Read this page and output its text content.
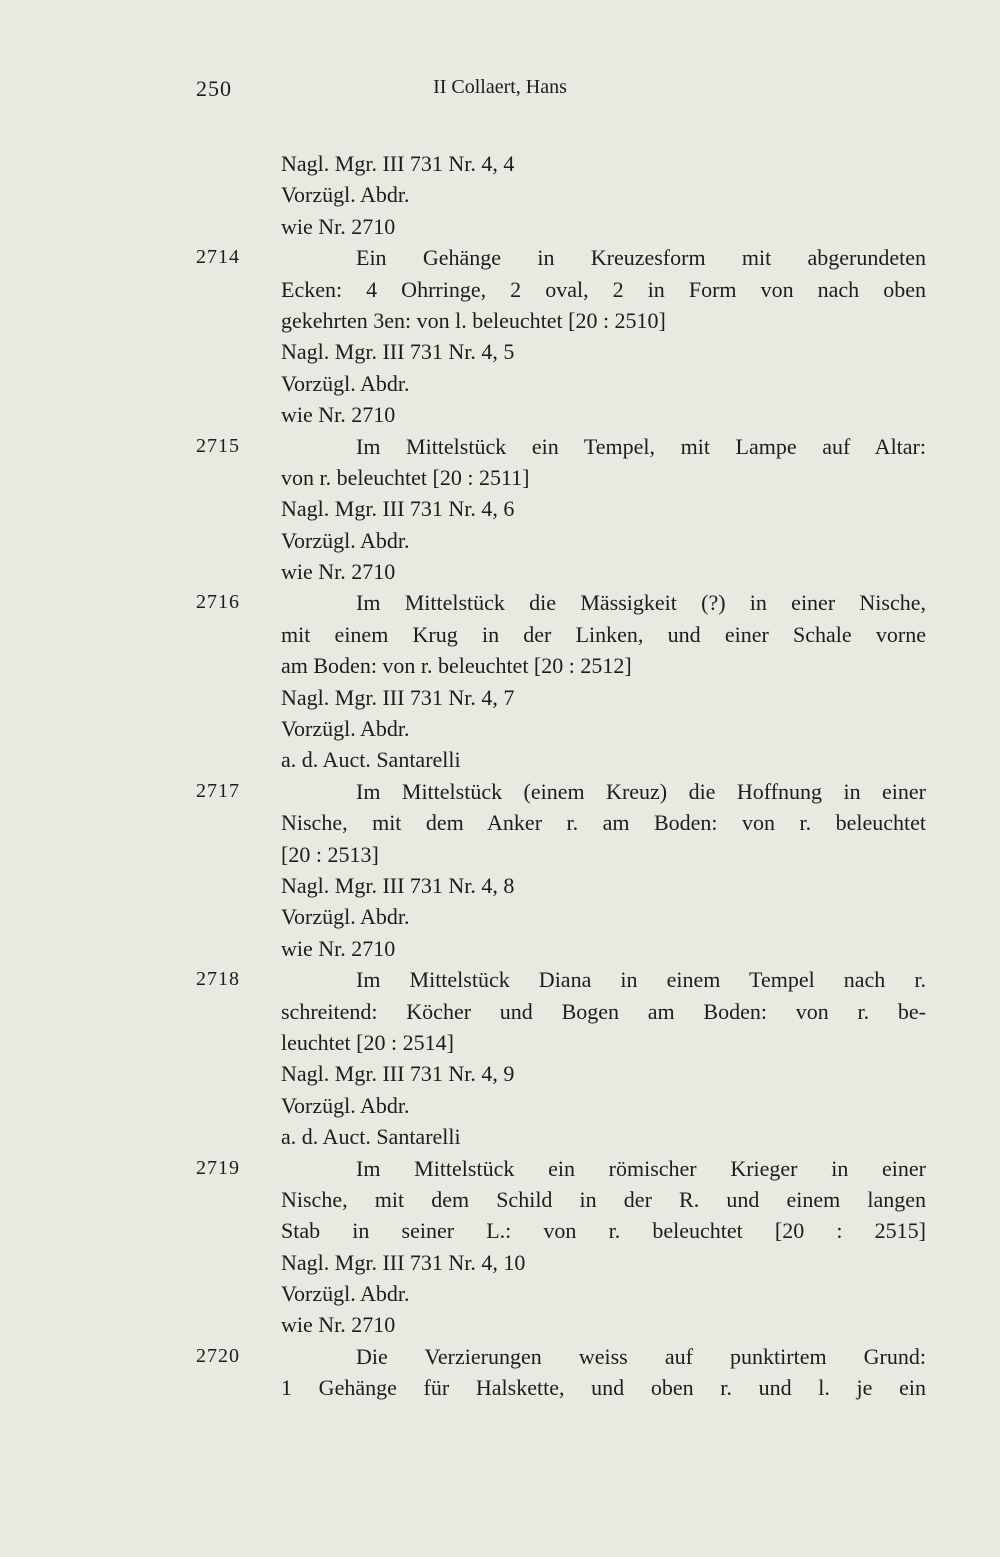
250	II Collaert, Hans
Nagl. Mgr. III 731 Nr. 4, 4
Vorzügl. Abdr.
wie Nr. 2710
2714	Ein Gehänge in Kreuzesform mit abgerundeten
Ecken: 4 Ohrringe, 2 oval, 2 in Form von nach oben
gekehrten 3en: von l. beleuchtet [20 : 2510]
Nagl. Mgr. III 731 Nr. 4, 5
Vorzügl. Abdr.
wie Nr. 2710
2715	Im Mittelstück ein Tempel, mit Lampe auf Altar:
von r. beleuchtet [20 : 2511]
Nagl. Mgr. III 731 Nr. 4, 6
Vorzügl. Abdr.
wie Nr. 2710
2716	Im Mittelstück die Mässigkeit (?) in einer Nische,
mit einem Krug in der Linken, und einer Schale vorne
am Boden: von r. beleuchtet [20 : 2512]
Nagl. Mgr. III 731 Nr. 4, 7
Vorzügl. Abdr.
a. d. Auct. Santarelli
2717	Im Mittelstück (einem Kreuz) die Hoffnung in einer
Nische, mit dem Anker r. am Boden: von r. beleuchtet
[20 : 2513]
Nagl. Mgr. III 731 Nr. 4, 8
Vorzügl. Abdr.
wie Nr. 2710
2718	Im Mittelstück Diana in einem Tempel nach r.
schreitend: Köcher und Bogen am Boden: von r. be-
leuchtet [20 : 2514]
Nagl. Mgr. III 731 Nr. 4, 9
Vorzügl. Abdr.
a. d. Auct. Santarelli
2719	Im Mittelstück ein römischer Krieger in einer
Nische, mit dem Schild in der R. und einem langen
Stab in seiner L.: von r. beleuchtet [20 : 2515]
Nagl. Mgr. III 731 Nr. 4, 10
Vorzügl. Abdr.
wie Nr. 2710
2720	Die Verzierungen weiss auf punktirtem Grund:
1 Gehänge für Halskette, und oben r. und l. je ein
